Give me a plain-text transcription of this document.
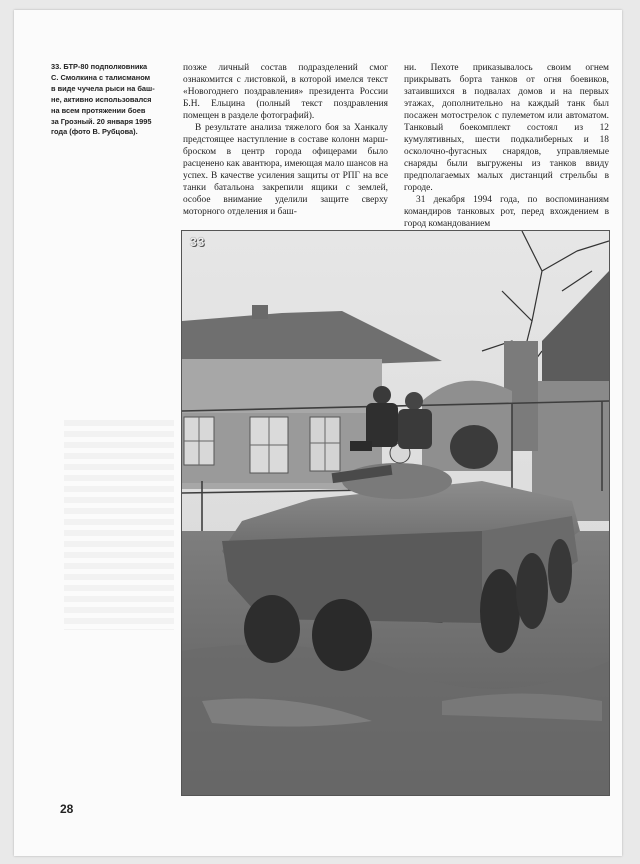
33. БТР-80 подполковника
С. Смолкина с талисманом
в виде чучела рыси на баш-
не, активно использовался
на всем протяжении боев
за Грозный. 20 января 1995
года (фото В. Рубцова).

позже личный состав подразделений смог ознакомится с листовкой, в которой имелся текст «Новогоднего поздравления» президента России Б.Н. Ельцина (полный текст поздравления помещен в разделе фотографий).

В результате анализа тяжелого боя за Ханкалу предстоящее наступление в составе колонн марш-броском в центр города офицерами было расценено как авантюра, имеющая мало шансов на успех. В качестве усиления защиты от РПГ на все танки батальона закрепили ящики с землей, особое внимание уделили защите сверху моторного отделения и баш-

ни. Пехоте приказывалось своим огнем прикрывать борта танков от огня боевиков, затаившихся в подвалах домов и на первых этажах, дополнительно на каждый танк был посажен мотострелок с пулеметом или автоматом. Танковый боекомплект состоял из 12 кумулятивных, шести подкалиберных и 18 осколочно-фугасных снарядов, управляемые снаряды были выгружены из танков ввиду предполагаемых малых дистанций стрельбы в городе.

31 декабря 1994 года, по воспоминаниям командиров танковых рот, перед вхождением в город командованием

33
28
